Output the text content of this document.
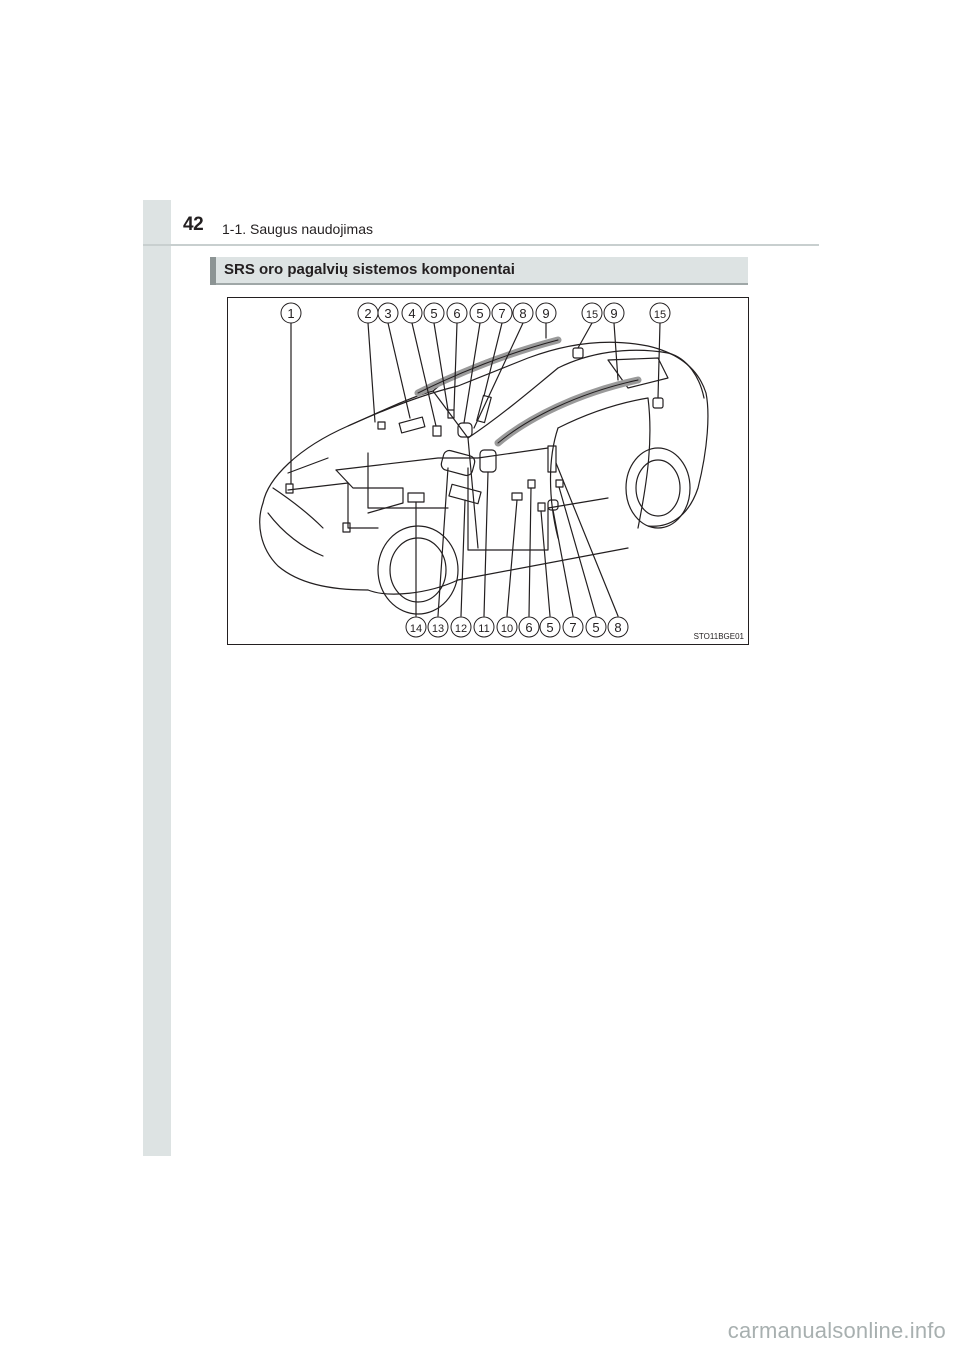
42 1-1. Saugus naudojimas
SRS oro pagalvių sistemos komponentai
1	2 3 4 5 6 5 7 8 9	15 9	15
14 13 12 11 10 6 5 7 5 8
STO11BGE01
carmanualsonline.info
